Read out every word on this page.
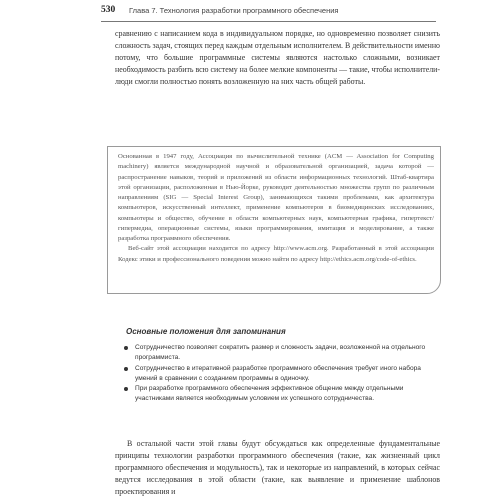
530 Глава 7. Технология разработки программного обеспечения

сравнению с написанием кода в индивидуальном порядке, но одновременно позволяет снизить сложность задач, стоящих перед каждым отдельным исполнителем. В действительности именно потому, что большие программные системы являются настолько сложными, возникает необходимость разбить всю систему на более мелкие компоненты — такие, чтобы исполнители-люди смогли полностью понять возложенную на них часть общей работы.

Основанная в 1947 году, Ассоциация по вычислительной технике (ACM — Association for Computing machinery) является международной научной и образовательной организацией, задача которой — распространение навыков, теорий и приложений из области информационных технологий. Штаб-квартира этой организации, расположенная в Нью-Йорке, руководит деятельностью множества групп по различным направлениям (SIG — Special Interest Group), занимающихся такими проблемами, как архитектура компьютеров, искусственный интеллект, применение компьютеров в биомедицинских исследованиях, компьютеры и общество, обучение в области компьютерных наук, компьютерная графика, гипертекст/гипермедиа, операционные системы, языки программирования, имитация и моделирование, а также разработка программного обеспечения.

Веб-сайт этой ассоциации находится по адресу http://www.acm.org. Разработанный в этой ассоциации Кодекс этики и профессионального поведения можно найти по адресу http://ethics.acm.org/code-of-ethics.

Основные положения для запоминания
Сотрудничество позволяет сократить размер и сложность задачи, возложенной на отдельного программиста.
Сотрудничество в итеративной разработке программного обеспечения требует иного набора умений в сравнении с созданием программы в одиночку.
При разработке программного обеспечения эффективное общение между отдельными участниками является необходимым условием их успешного сотрудничества.

В остальной части этой главы будут обсуждаться как определенные фундаментальные принципы технологии разработки программного обеспечения (такие, как жизненный цикл программного обеспечения и модульность), так и некоторые из направлений, в которых сейчас ведутся исследования в этой области (такие, как выявление и применение шаблонов проектирования и
